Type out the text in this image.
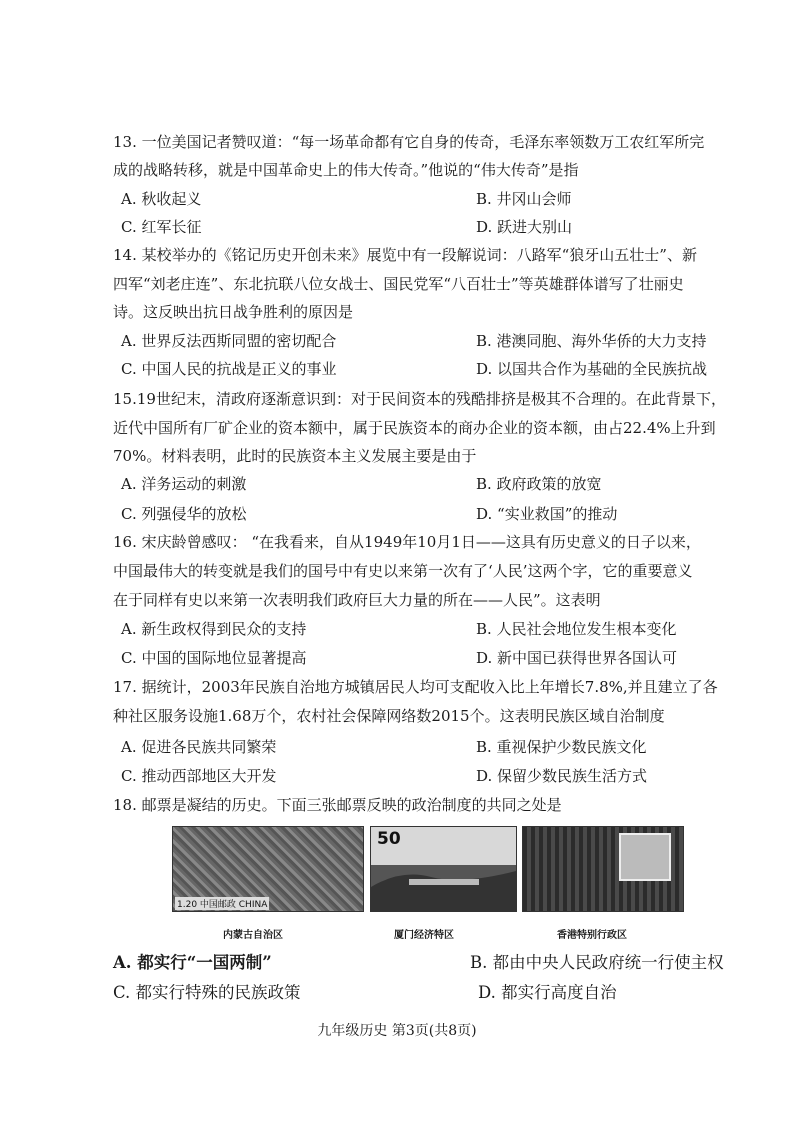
13. 一位美国记者赞叹道：“每一场革命都有它自身的传奇，毛泽东率领数万工农红军所完
成的战略转移，就是中国革命史上的伟大传奇。”他说的“伟大传奇”是指
A. 秋收起义	B. 井冈山会师
C. 红军长征	D. 跃进大别山
14. 某校举办的《铭记历史开创未来》展览中有一段解说词：八路军“狼牙山五壮士”、新
四军“刘老庄连”、东北抗联八位女战士、国民党军“八百壮士”等英雄群体谱写了壮丽史
诗。这反映出抗日战争胜利的原因是
A. 世界反法西斯同盟的密切配合	B. 港澳同胞、海外华侨的大力支持
C. 中国人民的抗战是正义的事业	D. 以国共合作为基础的全民族抗战
15.19世纪末，清政府逐渐意识到：对于民间资本的残酷排挤是极其不合理的。在此背景下，
近代中国所有厂矿企业的资本额中，属于民族资本的商办企业的资本额，由占22.4%上升到
70%。材料表明，此时的民族资本主义发展主要是由于
A. 洋务运动的刺激	B. 政府政策的放宽
C. 列强侵华的放松	D. “实业救国”的推动
16. 宋庆龄曾感叹： “在我看来，自从1949年10月1日——这具有历史意义的日子以来，
中国最伟大的转变就是我们的国号中有史以来第一次有了‘人民’这两个字，它的重要意义
在于同样有史以来第一次表明我们政府巨大力量的所在——人民”。这表明
A. 新生政权得到民众的支持	B. 人民社会地位发生根本变化
C. 中国的国际地位显著提高	D. 新中国已获得世界各国认可
17. 据统计，2003年民族自治地方城镇居民人均可支配收入比上年增长7.8%,并且建立了各
种社区服务设施1.68万个，农村社会保障网络数2015个。这表明民族区域自治制度
A. 促进各民族共同繁荣	B. 重视保护少数民族文化
C. 推动西部地区大开发	D. 保留少数民族生活方式
18. 邮票是凝结的历史。下面三张邮票反映的政治制度的共同之处是
1.20 中国邮政 CHINA
50
内蒙古自治区	厦门经济特区	香港特别行政区
A. 都实行“一国两制”	B. 都由中央人民政府统一行使主权
C. 都实行特殊的民族政策	D. 都实行高度自治
九年级历史 第3页(共8页)
